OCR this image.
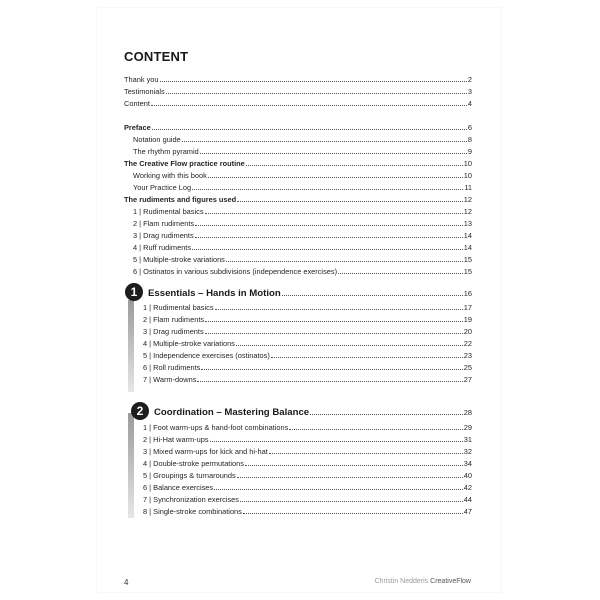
CONTENT
Thank you	2
Testimonials	3
Content	4
Preface	6
Notation guide	8
The rhythm pyramid	9
The Creative Flow practice routine	10
Working with this book	10
Your Practice Log	11
The rudiments and figures used	12
1 | Rudimental basics	12
2 | Flam rudiments	13
3 | Drag rudiments	14
4 | Ruff rudiments	14
5 | Multiple-stroke variations	15
6 | Ostinatos in various subdivisions (independence exercises)	15
1	Essentials – Hands in Motion	16
1 | Rudimental basics	17
2 | Flam rudiments	19
3 | Drag rudiments	20
4 | Multiple-stroke variations	22
5 | Independence exercises (ostinatos)	23
6 | Roll rudiments	25
7 | Warm-downs	27
2	Coordination – Mastering Balance	28
1 | Foot warm-ups & hand-foot combinations	29
2 | Hi-Hat warm-ups	31
3 | Mixed warm-ups for kick and hi-hat	32
4 | Double-stroke permutations	34
5 | Groupings & turnarounds	40
6 | Balance exercises	42
7 | Synchronization exercises	44
8 | Single-stroke combinations	47
4	Christin Nedderis CreativeFlow
